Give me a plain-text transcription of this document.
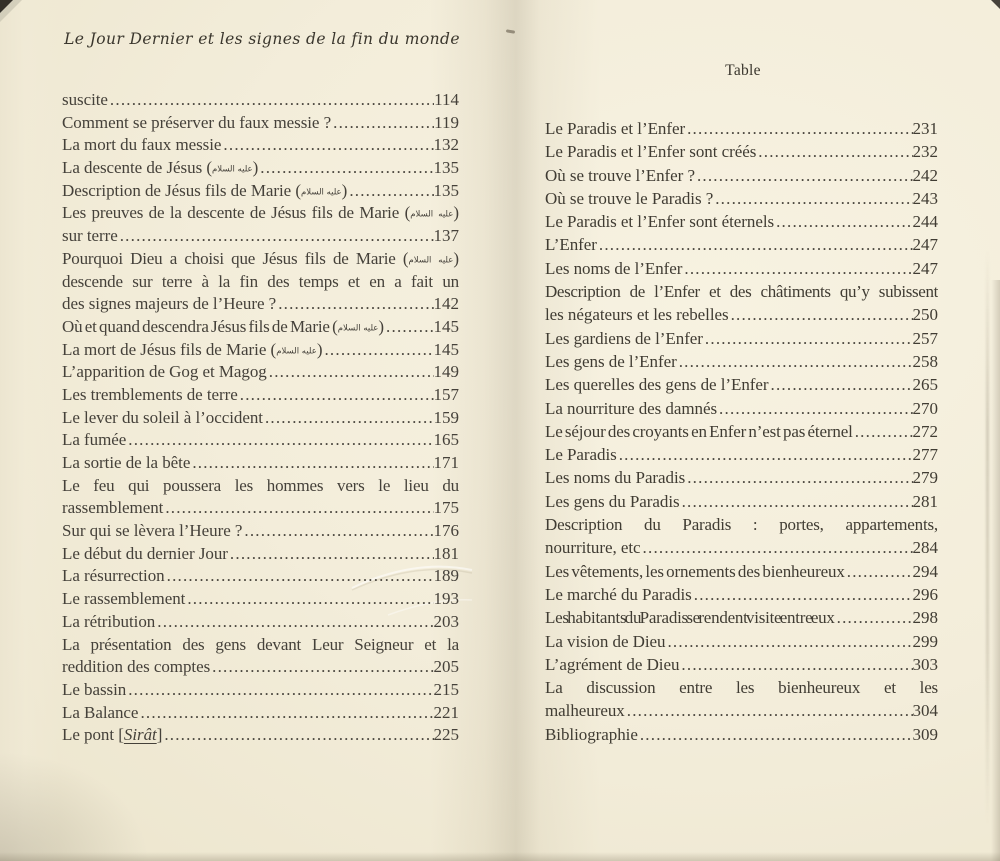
Le Jour Dernier et les signes de la fin du monde
suscite .....	114
Comment se préserver du faux messie ? .....	119
La mort du faux messie .....	132
La descente de Jésus (عليه السلام) .....	135
Description de Jésus fils de Marie (عليه السلام) .....	135
Les preuves de la descente de Jésus fils de Marie (عليه السلام)
sur terre .....	137
Pourquoi Dieu a choisi que Jésus fils de Marie (عليه السلام)
descende sur terre à la fin des temps et en a fait un
des signes majeurs de l’Heure ? .....	142
Où et quand descendra Jésus fils de Marie (عليه السلام) .....	145
La mort de Jésus fils de Marie (عليه السلام) .....	145
L’apparition de Gog et Magog .....	149
Les tremblements de terre .....	157
Le lever du soleil à l’occident .....	159
La fumée .....	165
La sortie de la bête .....	171
Le feu qui poussera les hommes vers le lieu du
rassemblement .....	175
Sur qui se lèvera l’Heure ? .....	176
Le début du dernier Jour .....	181
La résurrection .....	189
Le rassemblement .....	193
La rétribution .....	203
La présentation des gens devant Leur Seigneur et la
reddition des comptes .....	205
Le bassin .....	215
La Balance .....	221
Le pont [Sirât] .....	225
Table
Le Paradis et l’Enfer .....	231
Le Paradis et l’Enfer sont créés .....	232
Où se trouve l’Enfer ? .....	242
Où se trouve le Paradis ? .....	243
Le Paradis et l’Enfer sont éternels .....	244
L’Enfer .....	247
Les noms de l’Enfer .....	247
Description de l’Enfer et des châtiments qu’y subissent
les négateurs et les rebelles .....	250
Les gardiens de l’Enfer .....	257
Les gens de l’Enfer .....	258
Les querelles des gens de l’Enfer .....	265
La nourriture des damnés .....	270
Le séjour des croyants en Enfer n’est pas éternel .....	272
Le Paradis .....	277
Les noms du Paradis .....	279
Les gens du Paradis .....	281
Description du Paradis : portes, appartements,
nourriture, etc .....	284
Les vêtements, les ornements des bienheureux .....	294
Le marché du Paradis .....	296
Les habitants du Paradis se rendent visite entre eux .....	298
La vision de Dieu .....	299
L’agrément de Dieu .....	303
La discussion entre les bienheureux et les
malheureux .....	304
Bibliographie .....	309
